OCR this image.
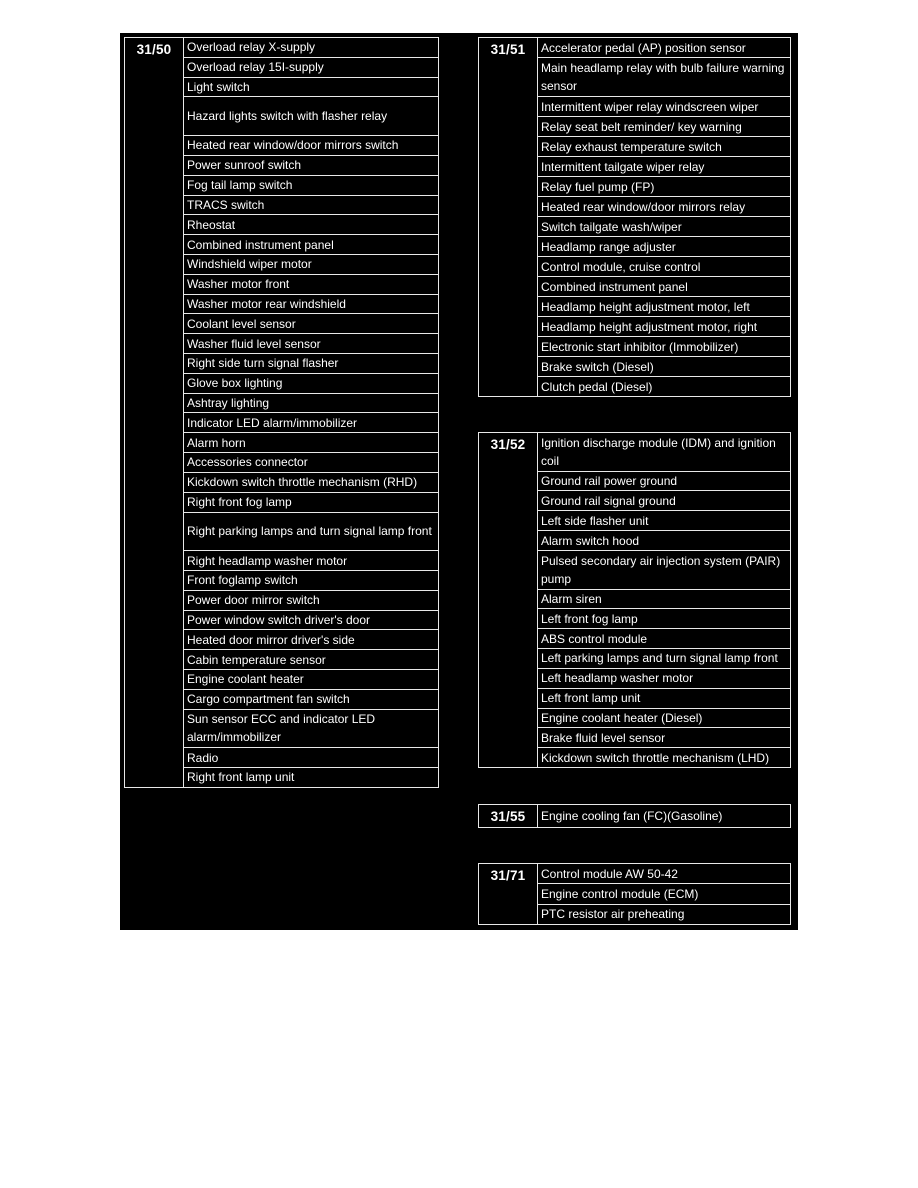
31/50	Overload relay X-supply
Overload relay 15I-supply
Light switch
Hazard lights switch with flasher relay
Heated rear window/door mirrors switch
Power sunroof switch
Fog tail lamp switch
TRACS switch
Rheostat
Combined instrument panel
Windshield wiper motor
Washer motor front
Washer motor rear windshield
Coolant level sensor
Washer fluid level sensor
Right side turn signal flasher
Glove box lighting
Ashtray lighting
Indicator LED alarm/immobilizer
Alarm horn
Accessories connector
Kickdown switch throttle mechanism (RHD)
Right front fog lamp
Right parking lamps and turn signal lamp front
Right headlamp washer motor
Front foglamp switch
Power door mirror switch
Power window switch driver's door
Heated door mirror driver's side
Cabin temperature sensor
Engine coolant heater
Cargo compartment fan switch
Sun sensor ECC and indicator LED alarm/immobilizer
Radio
Right front lamp unit
31/51	Accelerator pedal (AP) position sensor
Main headlamp relay with bulb failure warning sensor
Intermittent wiper relay windscreen wiper
Relay seat belt reminder/ key warning
Relay exhaust temperature switch
Intermittent tailgate wiper relay
Relay fuel pump (FP)
Heated rear window/door mirrors relay
Switch tailgate wash/wiper
Headlamp range adjuster
Control module, cruise control
Combined instrument panel
Headlamp height adjustment motor, left
Headlamp height adjustment motor, right
Electronic start inhibitor (Immobilizer)
Brake switch (Diesel)
Clutch pedal (Diesel)
31/52	Ignition discharge module (IDM) and ignition coil
Ground rail power ground
Ground rail signal ground
Left side flasher unit
Alarm switch hood
Pulsed secondary air injection system (PAIR) pump
Alarm siren
Left front fog lamp
ABS control module
Left parking lamps and turn signal lamp front
Left headlamp washer motor
Left front lamp unit
Engine coolant heater (Diesel)
Brake fluid level sensor
Kickdown switch throttle mechanism (LHD)
31/55	Engine cooling fan (FC)(Gasoline)
31/71	Control module AW 50-42
Engine control module (ECM)
PTC resistor air preheating
